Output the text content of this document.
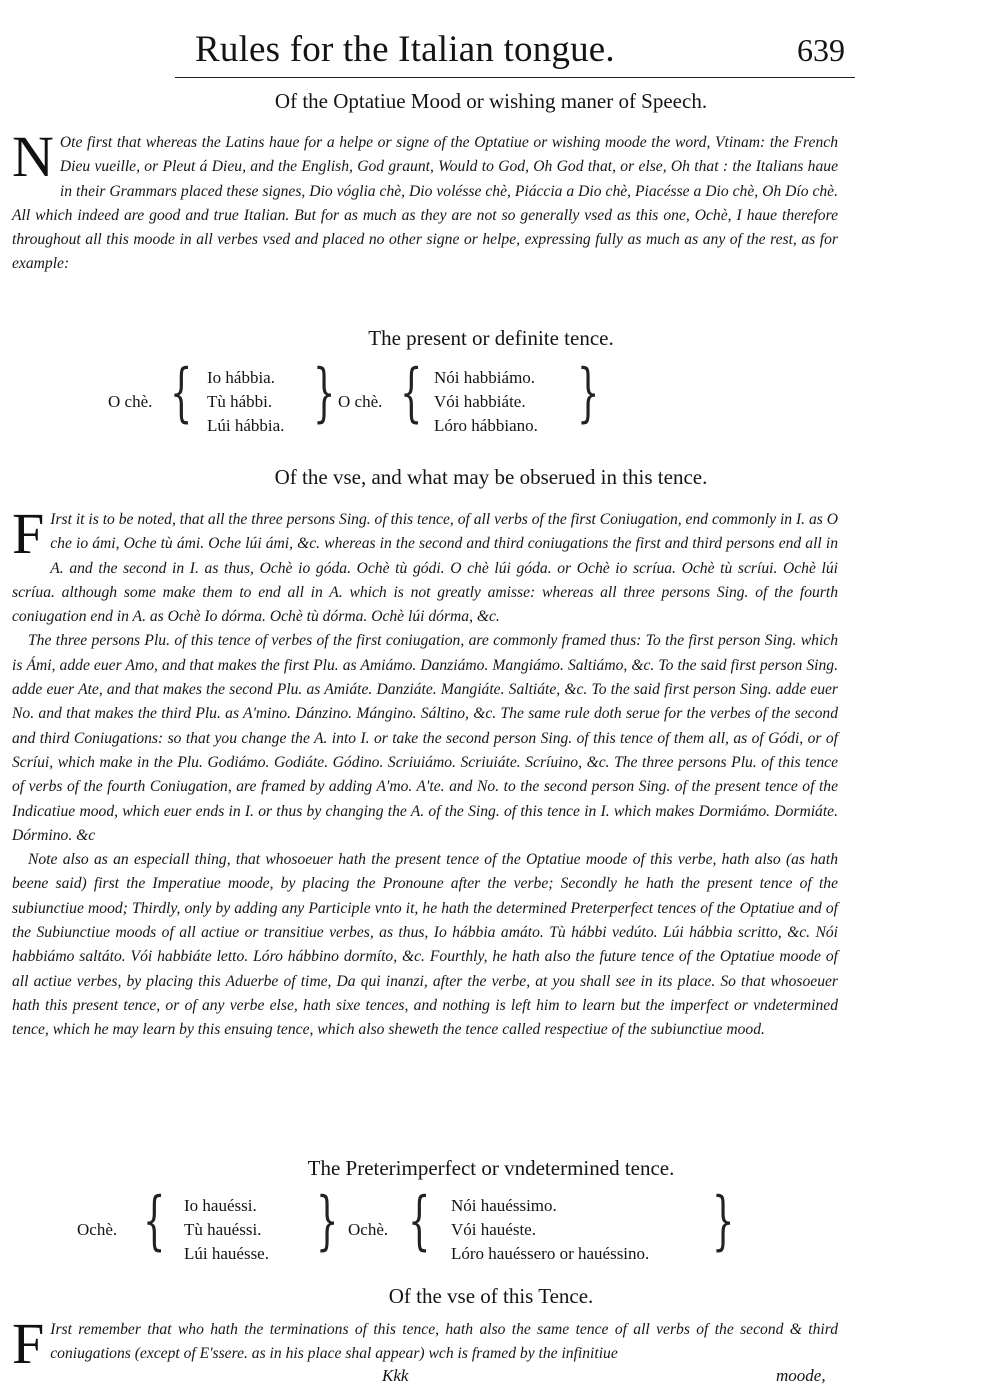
Rules for the Italian tongue.	639
Of the Optatiue Mood or wishing maner of Speech.

N Ote first that whereas the Latins haue for a helpe or signe of the Optatiue or wishing moode the word, Vtinam: the French Dieu vueille, or Pleut á Dieu, and the English, God graunt, Would to God, Oh God that, or else, Oh that : the Italians haue in their Grammars placed these signes, Dio vóglia chè, Dio volésse chè, Piáccia a Dio chè, Piacésse a Dio chè, Oh Dío chè. All which indeed are good and true Italian. But for as much as they are not so generally vsed as this one, Ochè, I haue therefore throughout all this moode in all verbes vsed and placed no other signe or helpe, expressing fully as much as any of the rest, as for example:

The present or definite tence.
O chè. { Io hábbia.
Tù hábbi.
Lúi hábbia. } O chè. { Nói habbiámo.
Vói habbiáte.
Lóro hábbiano. }
Of the vse, and what may be obserued in this tence.
F Irst it is to be noted, that all the three persons Sing. of this tence, of all verbs of the first Coniugation, end commonly in I. as O che io ámi, Oche tù ámi. Oche lúi ámi, &c. whereas in the second and third coniugations the first and third persons end all in A. and the second in I. as thus, Ochè io góda. Ochè tù gódi. O chè lúi góda. or Ochè io scríua. Ochè tù scríui. Ochè lúi scríua. although some make them to end all in A. which is not greatly amisse: whereas all three persons Sing. of the fourth coniugation end in A. as Ochè Io dórma. Ochè tù dórma. Ochè lúi dórma, &c.
The three persons Plu. of this tence of verbes of the first coniugation, are commonly framed thus: To the first person Sing. which is Ámi, adde euer Amo, and that makes the first Plu. as Amiámo. Danziámo. Mangiámo. Saltiámo, &c. To the said first person Sing. adde euer Ate, and that makes the second Plu. as Amiáte. Danziáte. Mangiáte. Saltiáte, &c. To the said first person Sing. adde euer No. and that makes the third Plu. as A'mino. Dánzino. Mángino. Sáltino, &c. The same rule doth serue for the verbes of the second and third Coniugations: so that you change the A. into I. or take the second person Sing. of this tence of them all, as of Gódi, or of Scríui, which make in the Plu. Godiámo. Godiáte. Gódino. Scriuiámo. Scriuiáte. Scríuino, &c. The three persons Plu. of this tence of verbs of the fourth Coniugation, are framed by adding A'mo. A'te. and No. to the second person Sing. of the present tence of the Indicatiue mood, which euer ends in I. or thus by changing the A. of the Sing. of this tence in I. which makes Dormiámo. Dormiáte. Dórmino. &c
Note also as an especiall thing, that whosoeuer hath the present tence of the Optatiue moode of this verbe, hath also (as hath beene said) first the Imperatiue moode, by placing the Pronoune after the verbe; Secondly he hath the present tence of the subiunctiue mood; Thirdly, only by adding any Participle vnto it, he hath the determined Preterperfect tences of the Optatiue and of the Subiunctiue moods of all actiue or transitiue verbes, as thus, Io hábbia amáto. Tù hábbi vedúto. Lúi hábbia scritto, &c. Nói habbiámo saltáto. Vói habbiáte letto. Lóro hábbino dormíto, &c. Fourthly, he hath also the future tence of the Optatiue moode of all actiue verbes, by placing this Aduerbe of time, Da qui inanzi, after the verbe, at you shall see in its place. So that whosoeuer hath this present tence, or of any verbe else, hath sixe tences, and nothing is left him to learn but the imperfect or vndetermined tence, which he may learn by this ensuing tence, which also sheweth the tence called respectiue of the subiunctiue mood.
The Preterimperfect or vndetermined tence.
Ochè. { Io hauéssi.
Tù hauéssi.
Lúi hauésse. } Ochè. { Nói hauéssimo.
Vói hauéste.
Lóro hauéssero or hauéssino. }
Of the vse of this Tence.

F Irst remember that who hath the terminations of this tence, hath also the same tence of all verbs of the second & third coniugations (except of E'ssere. as in his place shal appear) wch is framed by the infinitiue

Kkk	moode,
